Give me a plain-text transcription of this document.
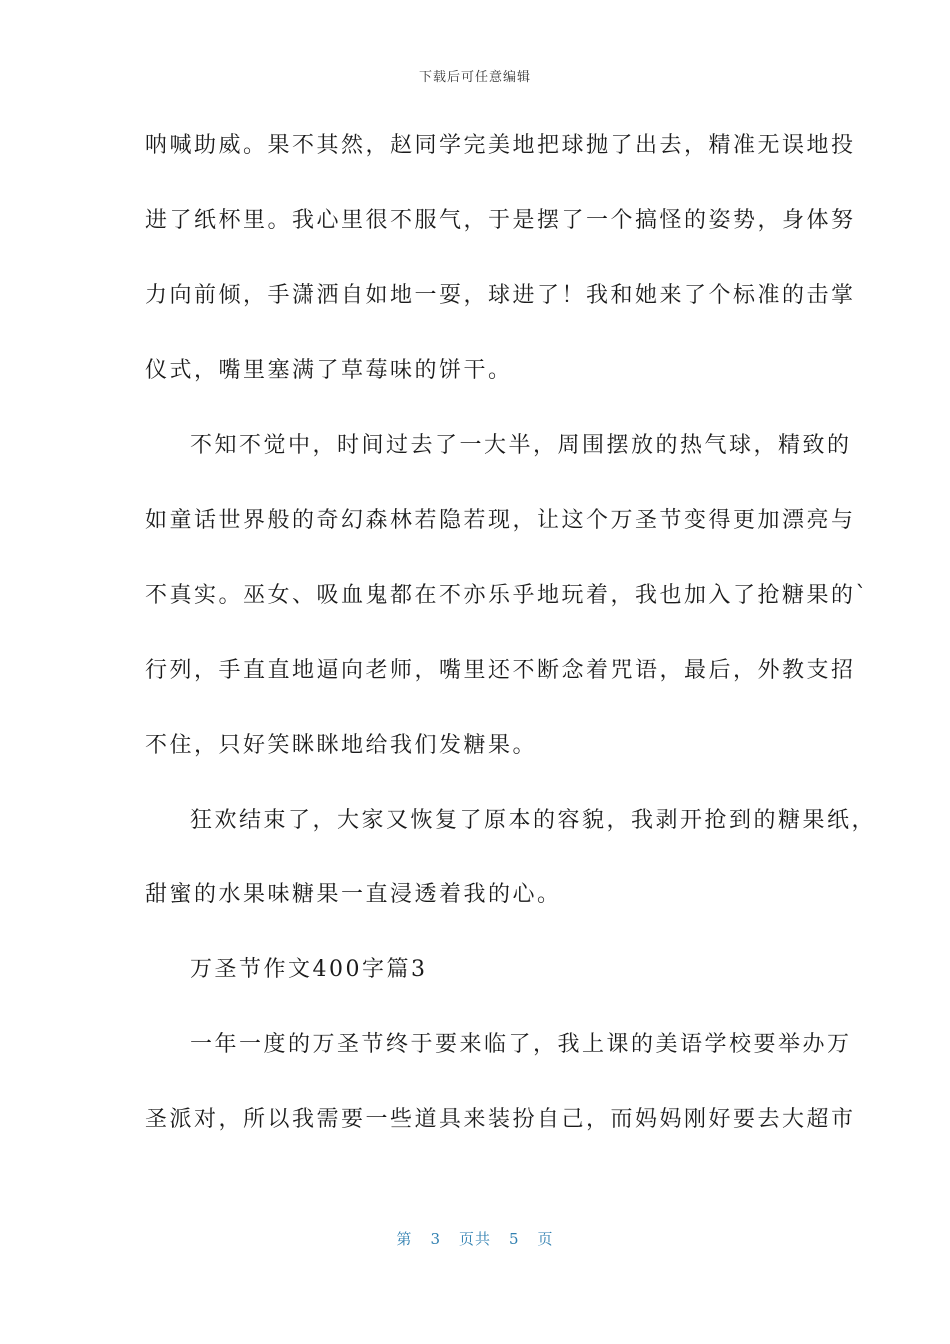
下载后可任意编辑
呐喊助威。果不其然，赵同学完美地把球抛了出去，精准无误地投
进了纸杯里。我心里很不服气，于是摆了一个搞怪的姿势，身体努
力向前倾，手潇洒自如地一耍，球进了！我和她来了个标准的击掌
仪式，嘴里塞满了草莓味的饼干。
不知不觉中，时间过去了一大半，周围摆放的热气球，精致的
如童话世界般的奇幻森林若隐若现，让这个万圣节变得更加漂亮与
不真实。巫女、吸血鬼都在不亦乐乎地玩着，我也加入了抢糖果的`
行列，手直直地逼向老师，嘴里还不断念着咒语，最后，外教支招
不住，只好笑眯眯地给我们发糖果。
狂欢结束了，大家又恢复了原本的容貌，我剥开抢到的糖果纸，
甜蜜的水果味糖果一直浸透着我的心。
万圣节作文400字篇3
一年一度的万圣节终于要来临了，我上课的美语学校要举办万
圣派对，所以我需要一些道具来装扮自己，而妈妈刚好要去大超市
第 3 页共 5 页
